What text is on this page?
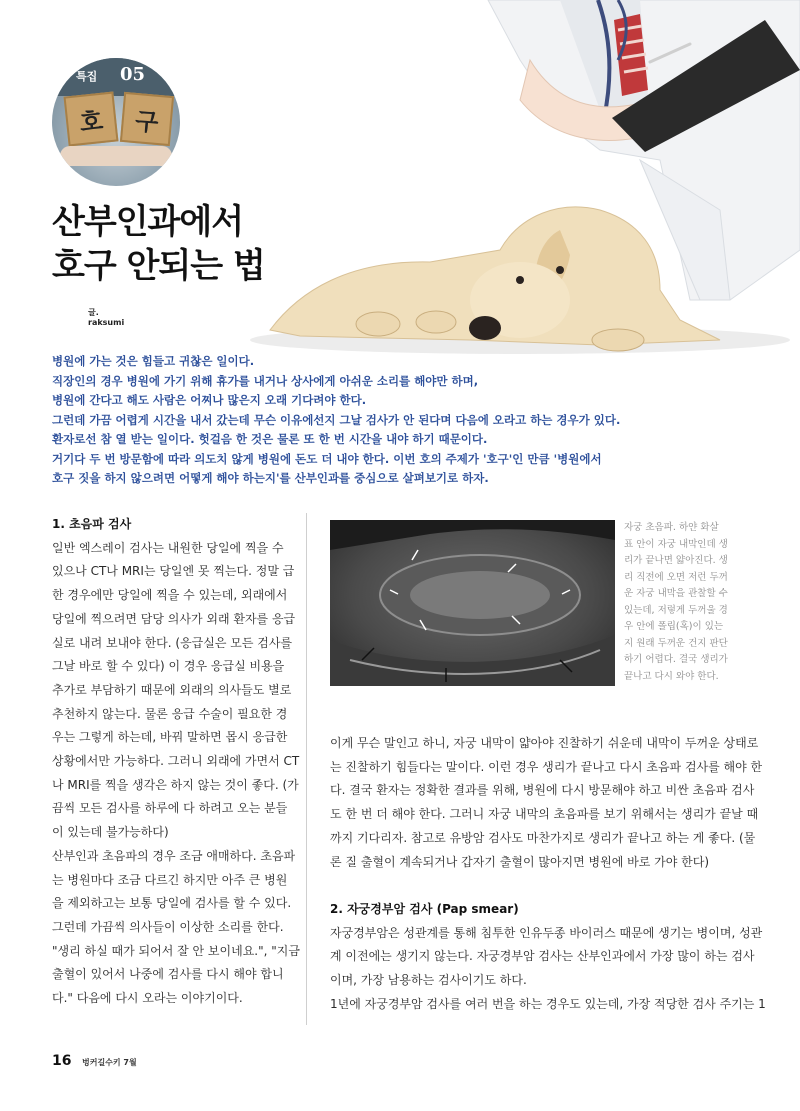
특집 05
호	구
산부인과에서
호구 안되는 법
글.
raksumi
병원에 가는 것은 힘들고 귀찮은 일이다.
직장인의 경우 병원에 가기 위해 휴가를 내거나 상사에게 아쉬운 소리를 해야만 하며,
병원에 간다고 해도 사람은 어찌나 많은지 오래 기다려야 한다.
그런데 가끔 어렵게 시간을 내서 갔는데 무슨 이유에선지 그날 검사가 안 된다며 다음에 오라고 하는 경우가 있다.
환자로선 참 열 받는 일이다. 헛걸음 한 것은 물론 또 한 번 시간을 내야 하기 때문이다.
거기다 두 번 방문함에 따라 의도치 않게 병원에 돈도 더 내야 한다. 이번 호의 주제가 '호구'인 만큼 '병원에서
호구 짓을 하지 않으려면 어떻게 해야 하는지'를 산부인과를 중심으로 살펴보기로 하자.
1. 초음파 검사
일반 엑스레이 검사는 내원한 당일에 찍을 수
있으나 CT나 MRI는 당일엔 못 찍는다. 정말 급
한 경우에만 당일에 찍을 수 있는데, 외래에서
당일에 찍으려면 담당 의사가 외래 환자를 응급
실로 내려 보내야 한다. (응급실은 모든 검사를
그날 바로 할 수 있다) 이 경우 응급실 비용을
추가로 부담하기 때문에 외래의 의사들도 별로
추천하지 않는다. 물론 응급 수술이 필요한 경
우는 그렇게 하는데, 바꿔 말하면 몹시 응급한
상황에서만 가능하다. 그러니 외래에 가면서 CT
나 MRI를 찍을 생각은 하지 않는 것이 좋다. (가
끔씩 모든 검사를 하루에 다 하려고 오는 분들
이 있는데 불가능하다)
산부인과 초음파의 경우 조금 애매하다. 초음파
는 병원마다 조금 다르긴 하지만 아주 큰 병원
을 제외하고는 보통 당일에 검사를 할 수 있다.
그런데 가끔씩 의사들이 이상한 소리를 한다.
"생리 하실 때가 되어서 잘 안 보이네요.", "지금
출혈이 있어서 나중에 검사를 다시 해야 합니
다." 다음에 다시 오라는 이야기이다.
자궁 초음파. 하얀 화살
표 안이 자궁 내막인데 생
리가 끝나면 얇아진다. 생
리 직전에 오면 저런 두꺼
운 자궁 내막을 관찰할 수
있는데, 저렇게 두꺼울 경
우 안에 폴립(혹)이 있는
지 원래 두꺼운 건지 판단
하기 어렵다. 결국 생리가
끝나고 다시 와야 한다.
이게 무슨 말인고 하니, 자궁 내막이 얇아야 진찰하기 쉬운데 내막이 두꺼운 상태로
는 진찰하기 힘들다는 말이다. 이런 경우 생리가 끝나고 다시 초음파 검사를 해야 한
다. 결국 환자는 정확한 결과를 위해, 병원에 다시 방문해야 하고 비싼 초음파 검사
도 한 번 더 해야 한다. 그러니 자궁 내막의 초음파를 보기 위해서는 생리가 끝날 때
까지 기다리자. 참고로 유방암 검사도 마찬가지로 생리가 끝나고 하는 게 좋다. (물
론 질 출혈이 계속되거나 갑자기 출혈이 많아지면 병원에 바로 가야 한다)

2. 자궁경부암 검사 (Pap smear)
자궁경부암은 성관계를 통해 침투한 인유두종 바이러스 때문에 생기는 병이며, 성관
계 이전에는 생기지 않는다. 자궁경부암 검사는 산부인과에서 가장 많이 하는 검사
이며, 가장 남용하는 검사이기도 하다.
1년에 자궁경부암 검사를 여러 번을 하는 경우도 있는데, 가장 적당한 검사 주기는 1
16 벙커길수키 7월
